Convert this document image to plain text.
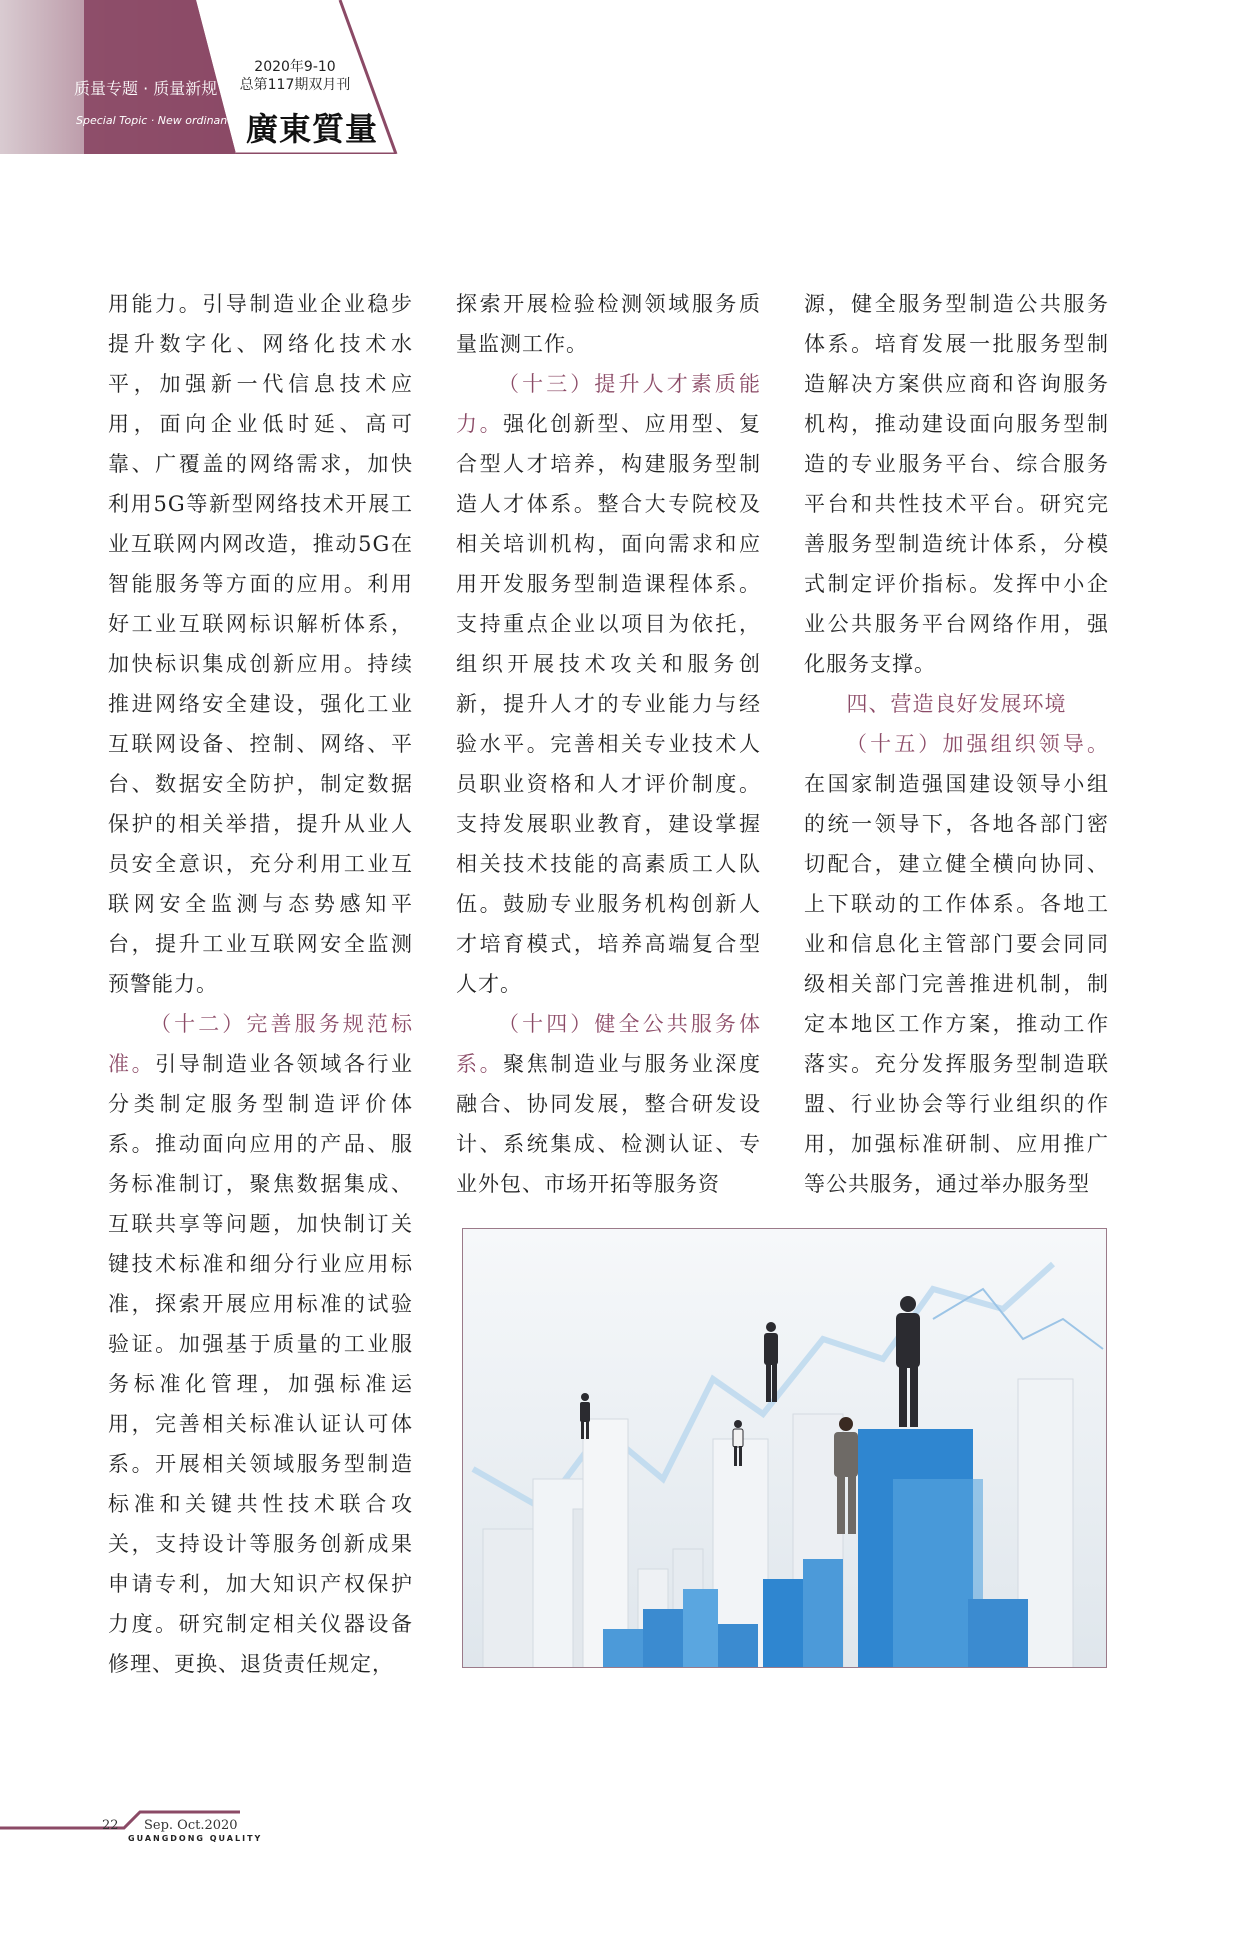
质量专题 · 质量新规
Special Topic · New ordinances
2020年9-10
总第117期双月刊
廣東質量

用能力。引导制造业企业稳步提升数字化、网络化技术水平，加强新一代信息技术应用，面向企业低时延、高可靠、广覆盖的网络需求，加快利用5G等新型网络技术开展工业互联网内网改造，推动5G在智能服务等方面的应用。利用好工业互联网标识解析体系，加快标识集成创新应用。持续推进网络安全建设，强化工业互联网设备、控制、网络、平台、数据安全防护，制定数据保护的相关举措，提升从业人员安全意识，充分利用工业互联网安全监测与态势感知平台，提升工业互联网安全监测预警能力。

（十二）完善服务规范标准。引导制造业各领域各行业分类制定服务型制造评价体系。推动面向应用的产品、服务标准制订，聚焦数据集成、互联共享等问题，加快制订关键技术标准和细分行业应用标准，探索开展应用标准的试验验证。加强基于质量的工业服务标准化管理，加强标准运用，完善相关标准认证认可体系。开展相关领域服务型制造标准和关键共性技术联合攻关，支持设计等服务创新成果申请专利，加大知识产权保护力度。研究制定相关仪器设备修理、更换、退货责任规定，

探索开展检验检测领域服务质量监测工作。

（十三）提升人才素质能力。强化创新型、应用型、复合型人才培养，构建服务型制造人才体系。整合大专院校及相关培训机构，面向需求和应用开发服务型制造课程体系。支持重点企业以项目为依托，组织开展技术攻关和服务创新，提升人才的专业能力与经验水平。完善相关专业技术人员职业资格和人才评价制度。支持发展职业教育，建设掌握相关技术技能的高素质工人队伍。鼓励专业服务机构创新人才培育模式，培养高端复合型人才。

（十四）健全公共服务体系。聚焦制造业与服务业深度融合、协同发展，整合研发设计、系统集成、检测认证、专业外包、市场开拓等服务资

源，健全服务型制造公共服务体系。培育发展一批服务型制造解决方案供应商和咨询服务机构，推动建设面向服务型制造的专业服务平台、综合服务平台和共性技术平台。研究完善服务型制造统计体系，分模式制定评价指标。发挥中小企业公共服务平台网络作用，强化服务支撑。

四、营造良好发展环境

（十五）加强组织领导。在国家制造强国建设领导小组的统一领导下，各地各部门密切配合，建立健全横向协同、上下联动的工作体系。各地工业和信息化主管部门要会同同级相关部门完善推进机制，制定本地区工作方案，推动工作落实。充分发挥服务型制造联盟、行业协会等行业组织的作用，加强标准研制、应用推广等公共服务，通过举办服务型

22 Sep. Oct.2020
GUANGDONG QUALITY
